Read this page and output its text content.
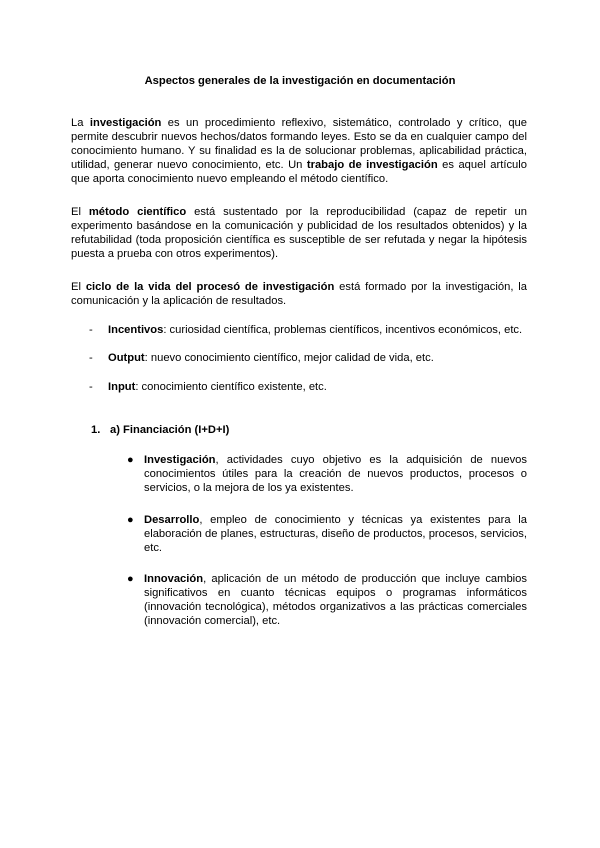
Aspectos generales de la investigación en documentación

La investigación es un procedimiento reflexivo, sistemático, controlado y crítico, que permite descubrir nuevos hechos/datos formando leyes. Esto se da en cualquier campo del conocimiento humano. Y su finalidad es la de solucionar problemas, aplicabilidad práctica, utilidad, generar nuevo conocimiento, etc. Un trabajo de investigación es aquel artículo que aporta conocimiento nuevo empleando el método científico.

El método científico está sustentado por la reproducibilidad (capaz de repetir un experimento basándose en la comunicación y publicidad de los resultados obtenidos) y la refutabilidad (toda proposición científica es susceptible de ser refutada y negar la hipótesis puesta a prueba con otros experimentos).

El ciclo de la vida del procesó de investigación está formado por la investigación, la comunicación y la aplicación de resultados.

- Incentivos: curiosidad científica, problemas científicos, incentivos económicos, etc.
- Output: nuevo conocimiento científico, mejor calidad de vida, etc.
- Input: conocimiento científico existente, etc.
1. a) Financiación (I+D+I)
● Investigación, actividades cuyo objetivo es la adquisición de nuevos conocimientos útiles para la creación de nuevos productos, procesos o servicios, o la mejora de los ya existentes.

● Desarrollo, empleo de conocimiento y técnicas ya existentes para la elaboración de planes, estructuras, diseño de productos, procesos, servicios, etc.

● Innovación, aplicación de un método de producción que incluye cambios significativos en cuanto técnicas equipos o programas informáticos (innovación tecnológica), métodos organizativos a las prácticas comerciales (innovación comercial), etc.
